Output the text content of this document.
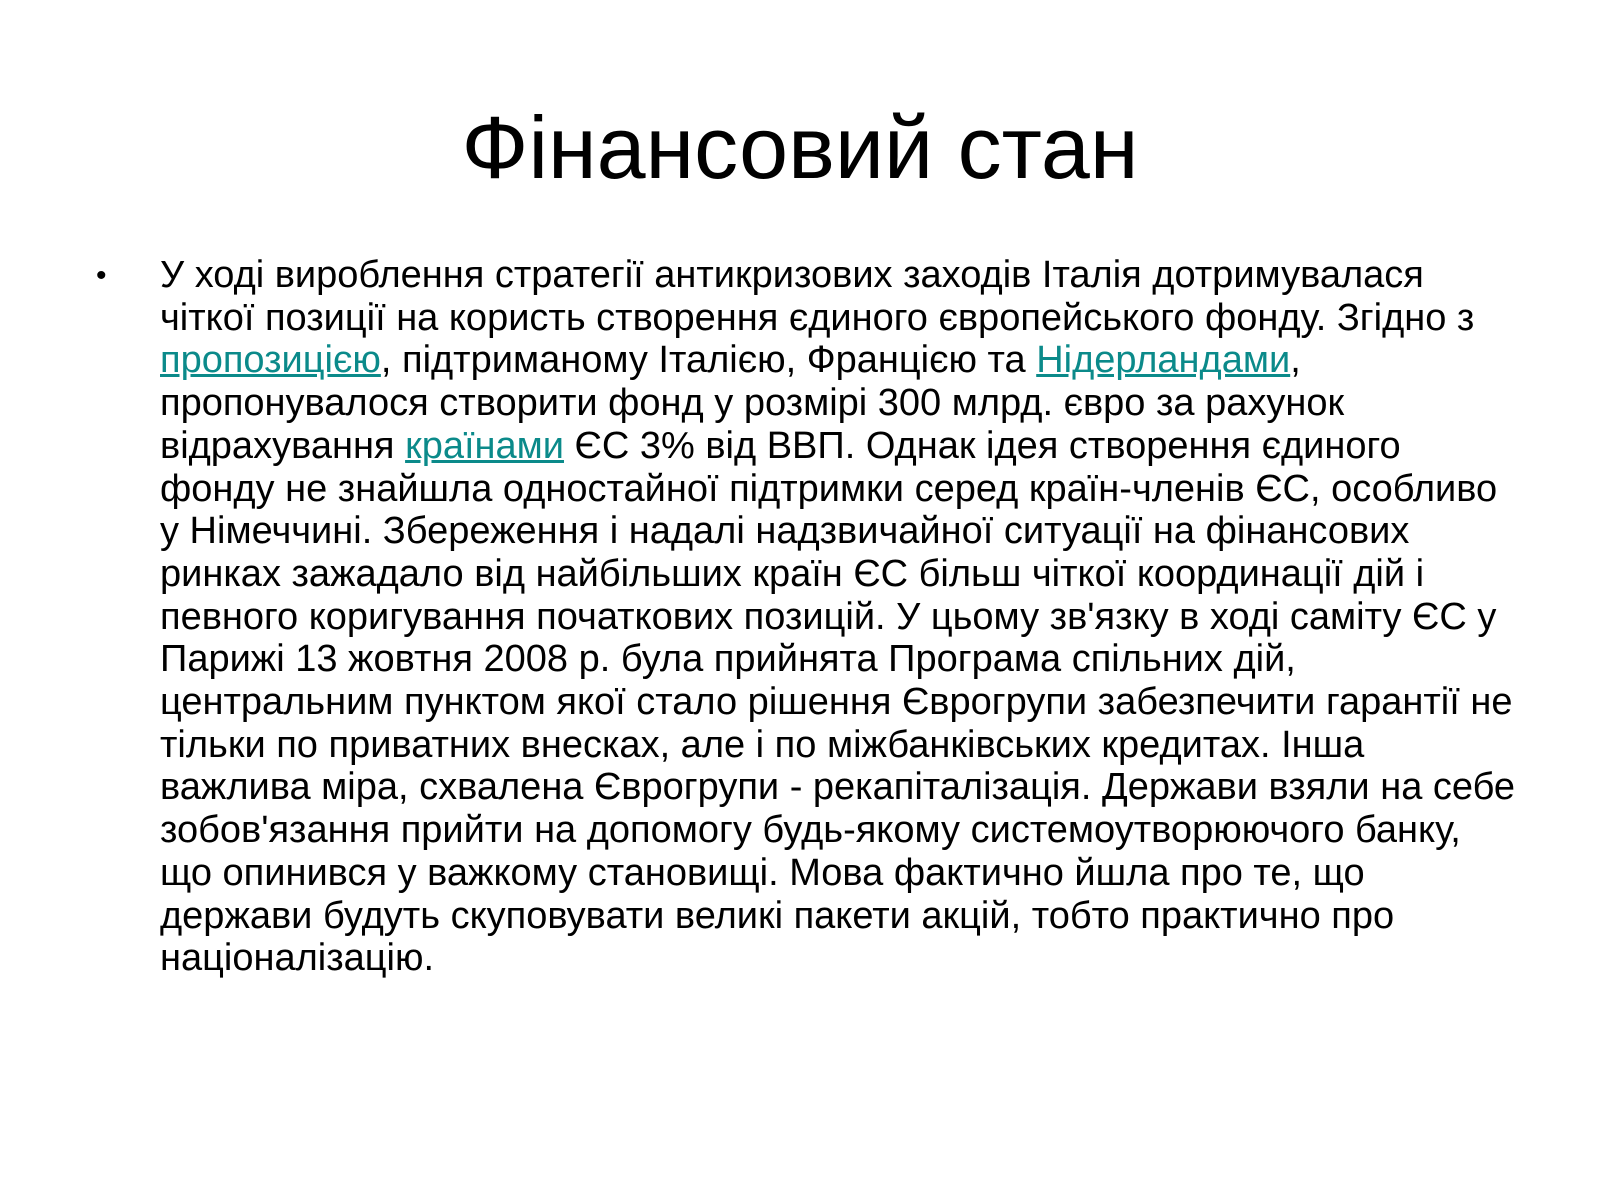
Фінансовий стан
• У ході вироблення стратегії антикризових заходів Італія дотримувалася чіткої позиції на користь створення єдиного європейського фонду. Згідно з пропозицією, підтриманому Італією, Францією та Нідерландами, пропонувалося створити фонд у розмірі 300 млрд. євро за рахунок
відрахування країнами ЄС 3% від ВВП. Однак ідея створення єдиного фонду не знайшла одностайної підтримки серед країн-членів ЄС, особливо у Німеччині. Збереження і надалі надзвичайної ситуації на фінансових ринках зажадало від найбільших країн ЄС більш чіткої координації дій і певного коригування початкових позицій. У цьому зв'язку в ході саміту ЄС у Парижі 13 жовтня 2008 р. була прийнята Програма спільних дій, центральним пунктом якої стало рішення Єврогрупи забезпечити гарантії не тільки по приватних внесках, але і по міжбанківських кредитах. Інша важлива міра, схвалена Єврогрупи - рекапіталізація. Держави взяли на себе зобов'язання прийти на допомогу будь-якому системоутворюючого банку, що опинився у важкому становищі. Мова фактично йшла про те, що держави будуть скуповувати великі пакети акцій, тобто практично про націоналізацію.
